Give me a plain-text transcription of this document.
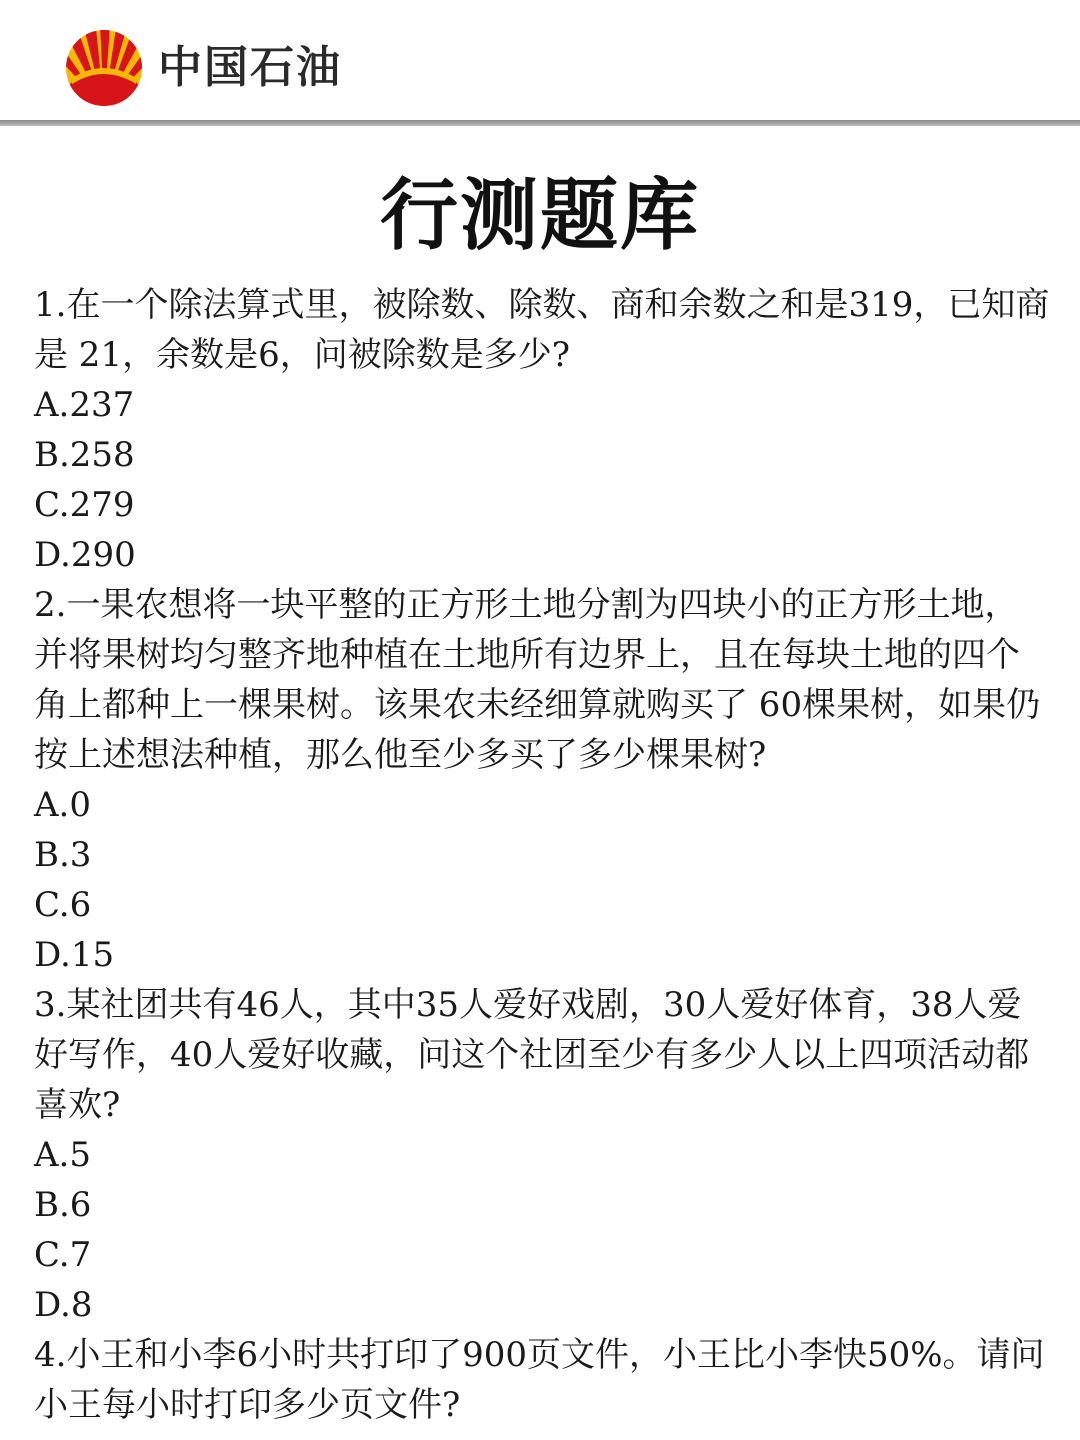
中国石油
行测题库

1.在一个除法算式里，被除数、除数、商和余数之和是319，已知商是 21，余数是6，问被除数是多少?

A.237

B.258

C.279

D.290

2.一果农想将一块平整的正方形土地分割为四块小的正方形土地，并将果树均匀整齐地种植在土地所有边界上，且在每块土地的四个角上都种上一棵果树。该果农未经细算就购买了 60棵果树，如果仍按上述想法种植，那么他至少多买了多少棵果树?

A.0

B.3

C.6

D.15

3.某社团共有46人，其中35人爱好戏剧，30人爱好体育，38人爱好写作，40人爱好收藏，问这个社团至少有多少人以上四项活动都喜欢?

A.5

B.6

C.7

D.8

4.小王和小李6小时共打印了900页文件，小王比小李快50%。请问小王每小时打印多少页文件?
